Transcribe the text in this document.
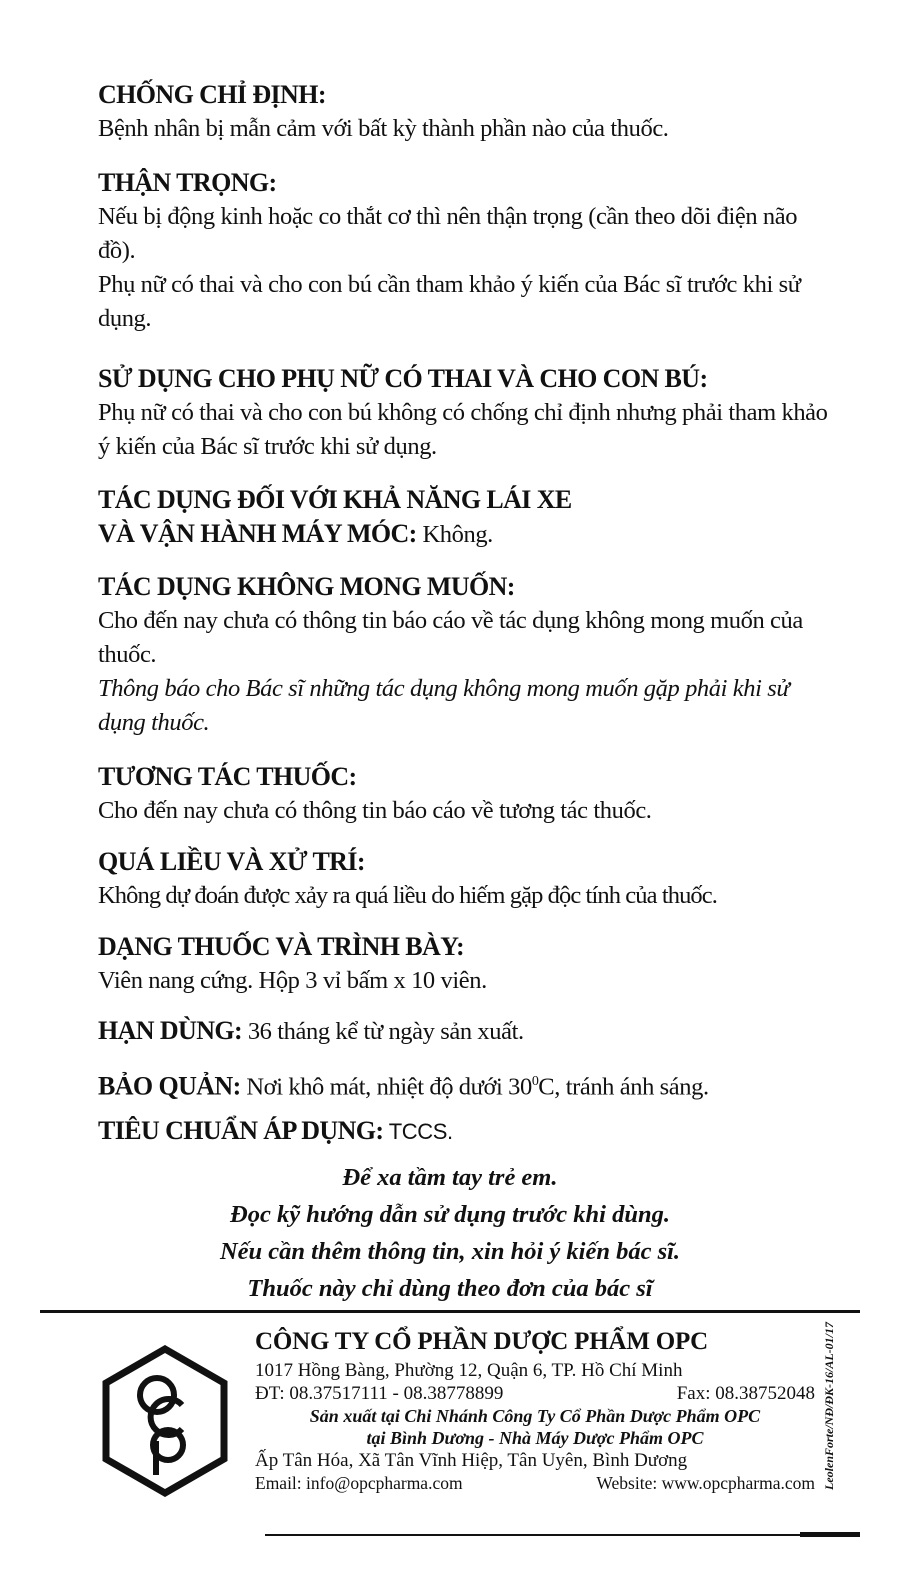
CHỐNG CHỈ ĐỊNH:
Bệnh nhân bị mẫn cảm với bất kỳ thành phần nào của thuốc.
THẬN TRỌNG:
Nếu bị động kinh hoặc co thắt cơ thì nên thận trọng (cần theo dõi điện não đồ).
Phụ nữ có thai và cho con bú cần tham khảo ý kiến của Bác sĩ trước khi sử dụng.
SỬ DỤNG CHO PHỤ NỮ CÓ THAI VÀ CHO CON BÚ:
Phụ nữ có thai và cho con bú không có chống chỉ định nhưng phải tham khảo ý kiến của Bác sĩ trước khi sử dụng.
TÁC DỤNG ĐỐI VỚI KHẢ NĂNG LÁI XE
VÀ VẬN HÀNH MÁY MÓC: Không.
TÁC DỤNG KHÔNG MONG MUỐN:
Cho đến nay chưa có thông tin báo cáo về tác dụng không mong muốn của thuốc.
Thông báo cho Bác sĩ những tác dụng không mong muốn gặp phải khi sử dụng thuốc.
TƯƠNG TÁC THUỐC:
Cho đến nay chưa có thông tin báo cáo về tương tác thuốc.
QUÁ LIỀU VÀ XỬ TRÍ:
Không dự đoán được xảy ra quá liều do hiếm gặp độc tính của thuốc.
DẠNG THUỐC VÀ TRÌNH BÀY:
Viên nang cứng. Hộp 3 vỉ bấm x 10 viên.
HẠN DÙNG: 36 tháng kể từ ngày sản xuất.
BẢO QUẢN: Nơi khô mát, nhiệt độ dưới $30^0C$, tránh ánh sáng.
TIÊU CHUẨN ÁP DỤNG: TCCS.
Để xa tầm tay trẻ em.
Đọc kỹ hướng dẫn sử dụng trước khi dùng.
Nếu cần thêm thông tin, xin hỏi ý kiến bác sĩ.
Thuốc này chỉ dùng theo đơn của bác sĩ
CÔNG TY CỔ PHẦN DƯỢC PHẨM OPC
1017 Hồng Bàng, Phường 12, Quận 6, TP. Hồ Chí Minh
ĐT: 08.37517111 - 08.38778899	Fax: 08.38752048
Sản xuất tại Chi Nhánh Công Ty Cổ Phần Dược Phẩm OPC
tại Bình Dương - Nhà Máy Dược Phẩm OPC
Ấp Tân Hóa, Xã Tân Vĩnh Hiệp, Tân Uyên, Bình Dương
Email: info@opcpharma.com	Website: www.opcpharma.com LeolenForte/NĐ/ĐK-16/AL-01/17
